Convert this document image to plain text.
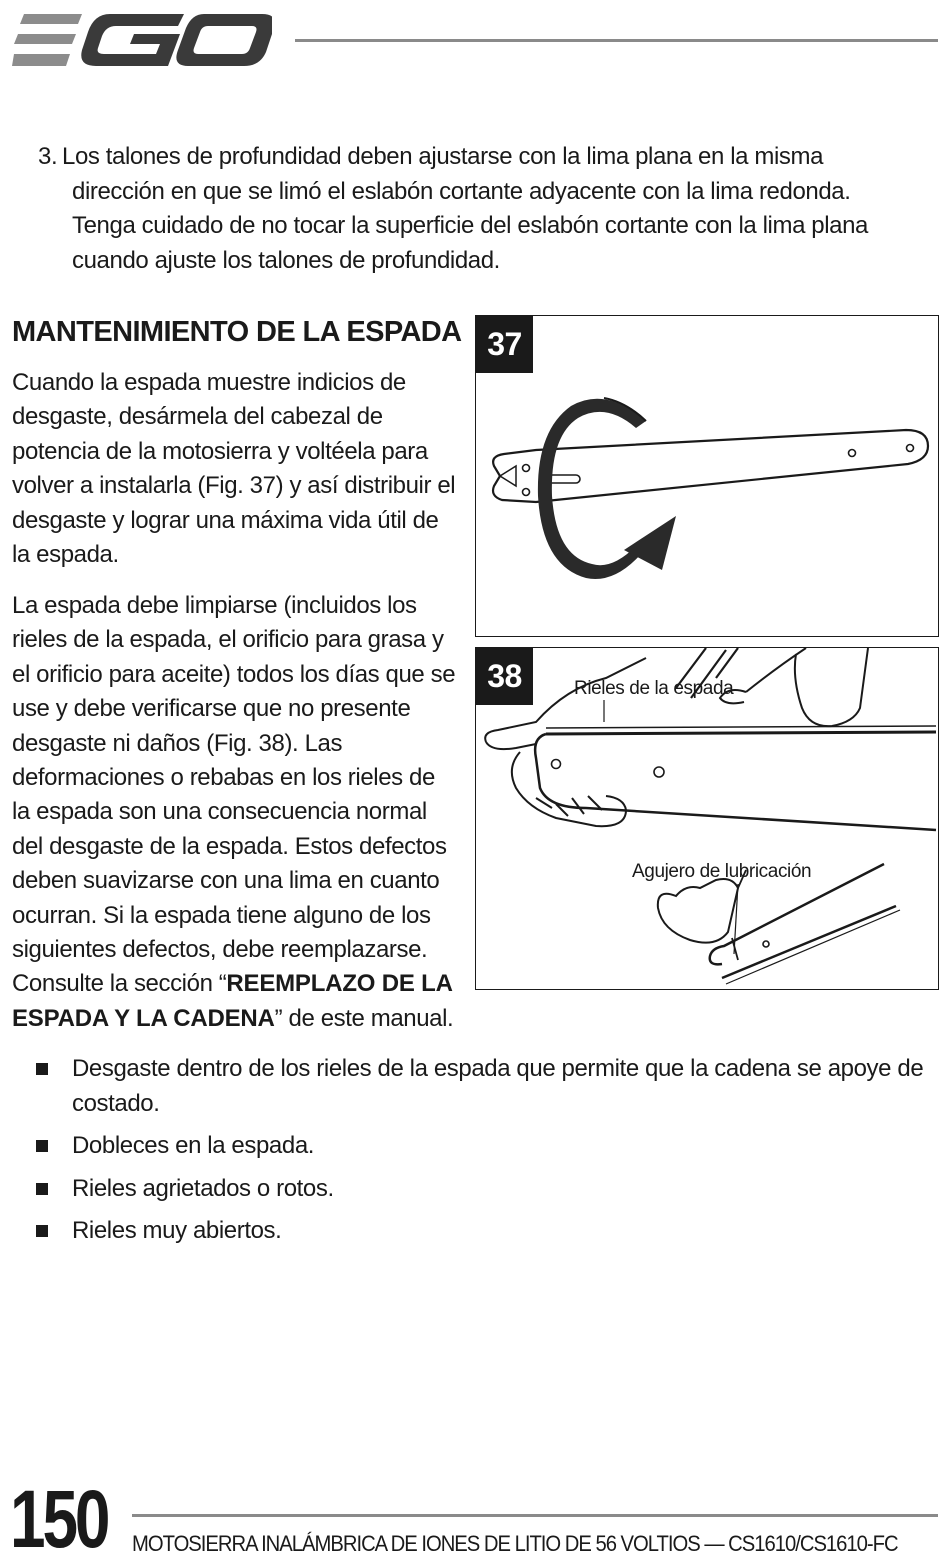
3. Los talones de profundidad deben ajustarse con la lima plana en la misma dirección en que se limó el eslabón cortante adyacente con la lima redonda. Tenga cuidado de no tocar la superficie del eslabón cortante con la lima plana cuando ajuste los talones de profundidad.

MANTENIMIENTO DE LA ESPADA

Cuando la espada muestre indicios de desgaste, desármela del cabezal de potencia de la motosierra y voltéela para volver a instalarla (Fig. 37) y así distribuir el desgaste y lograr una máxima vida útil de la espada.

La espada debe limpiarse (incluidos los rieles de la espada, el orificio para grasa y el orificio para aceite) todos los días que se use y debe verificarse que no presente desgaste ni daños (Fig. 38). Las deformaciones o rebabas en los rieles de la espada son una consecuencia normal del desgaste de la espada. Estos defectos deben suavizarse con una lima en cuanto ocurran. Si la espada tiene alguno de los siguientes defectos, debe reemplazarse. Consulte la sección “REEMPLAZO DE LA ESPADA Y LA CADENA” de este manual.

37
38	Rieles de la espada
Agujero de lubricación
Desgaste dentro de los rieles de la espada que permite que la cadena se apoye de costado.
Dobleces en la espada.
Rieles agrietados o rotos.
Rieles muy abiertos.
150 MOTOSIERRA INALÁMBRICA DE IONES DE LITIO DE 56 VOLTIOS — CS1610/CS1610-FC
